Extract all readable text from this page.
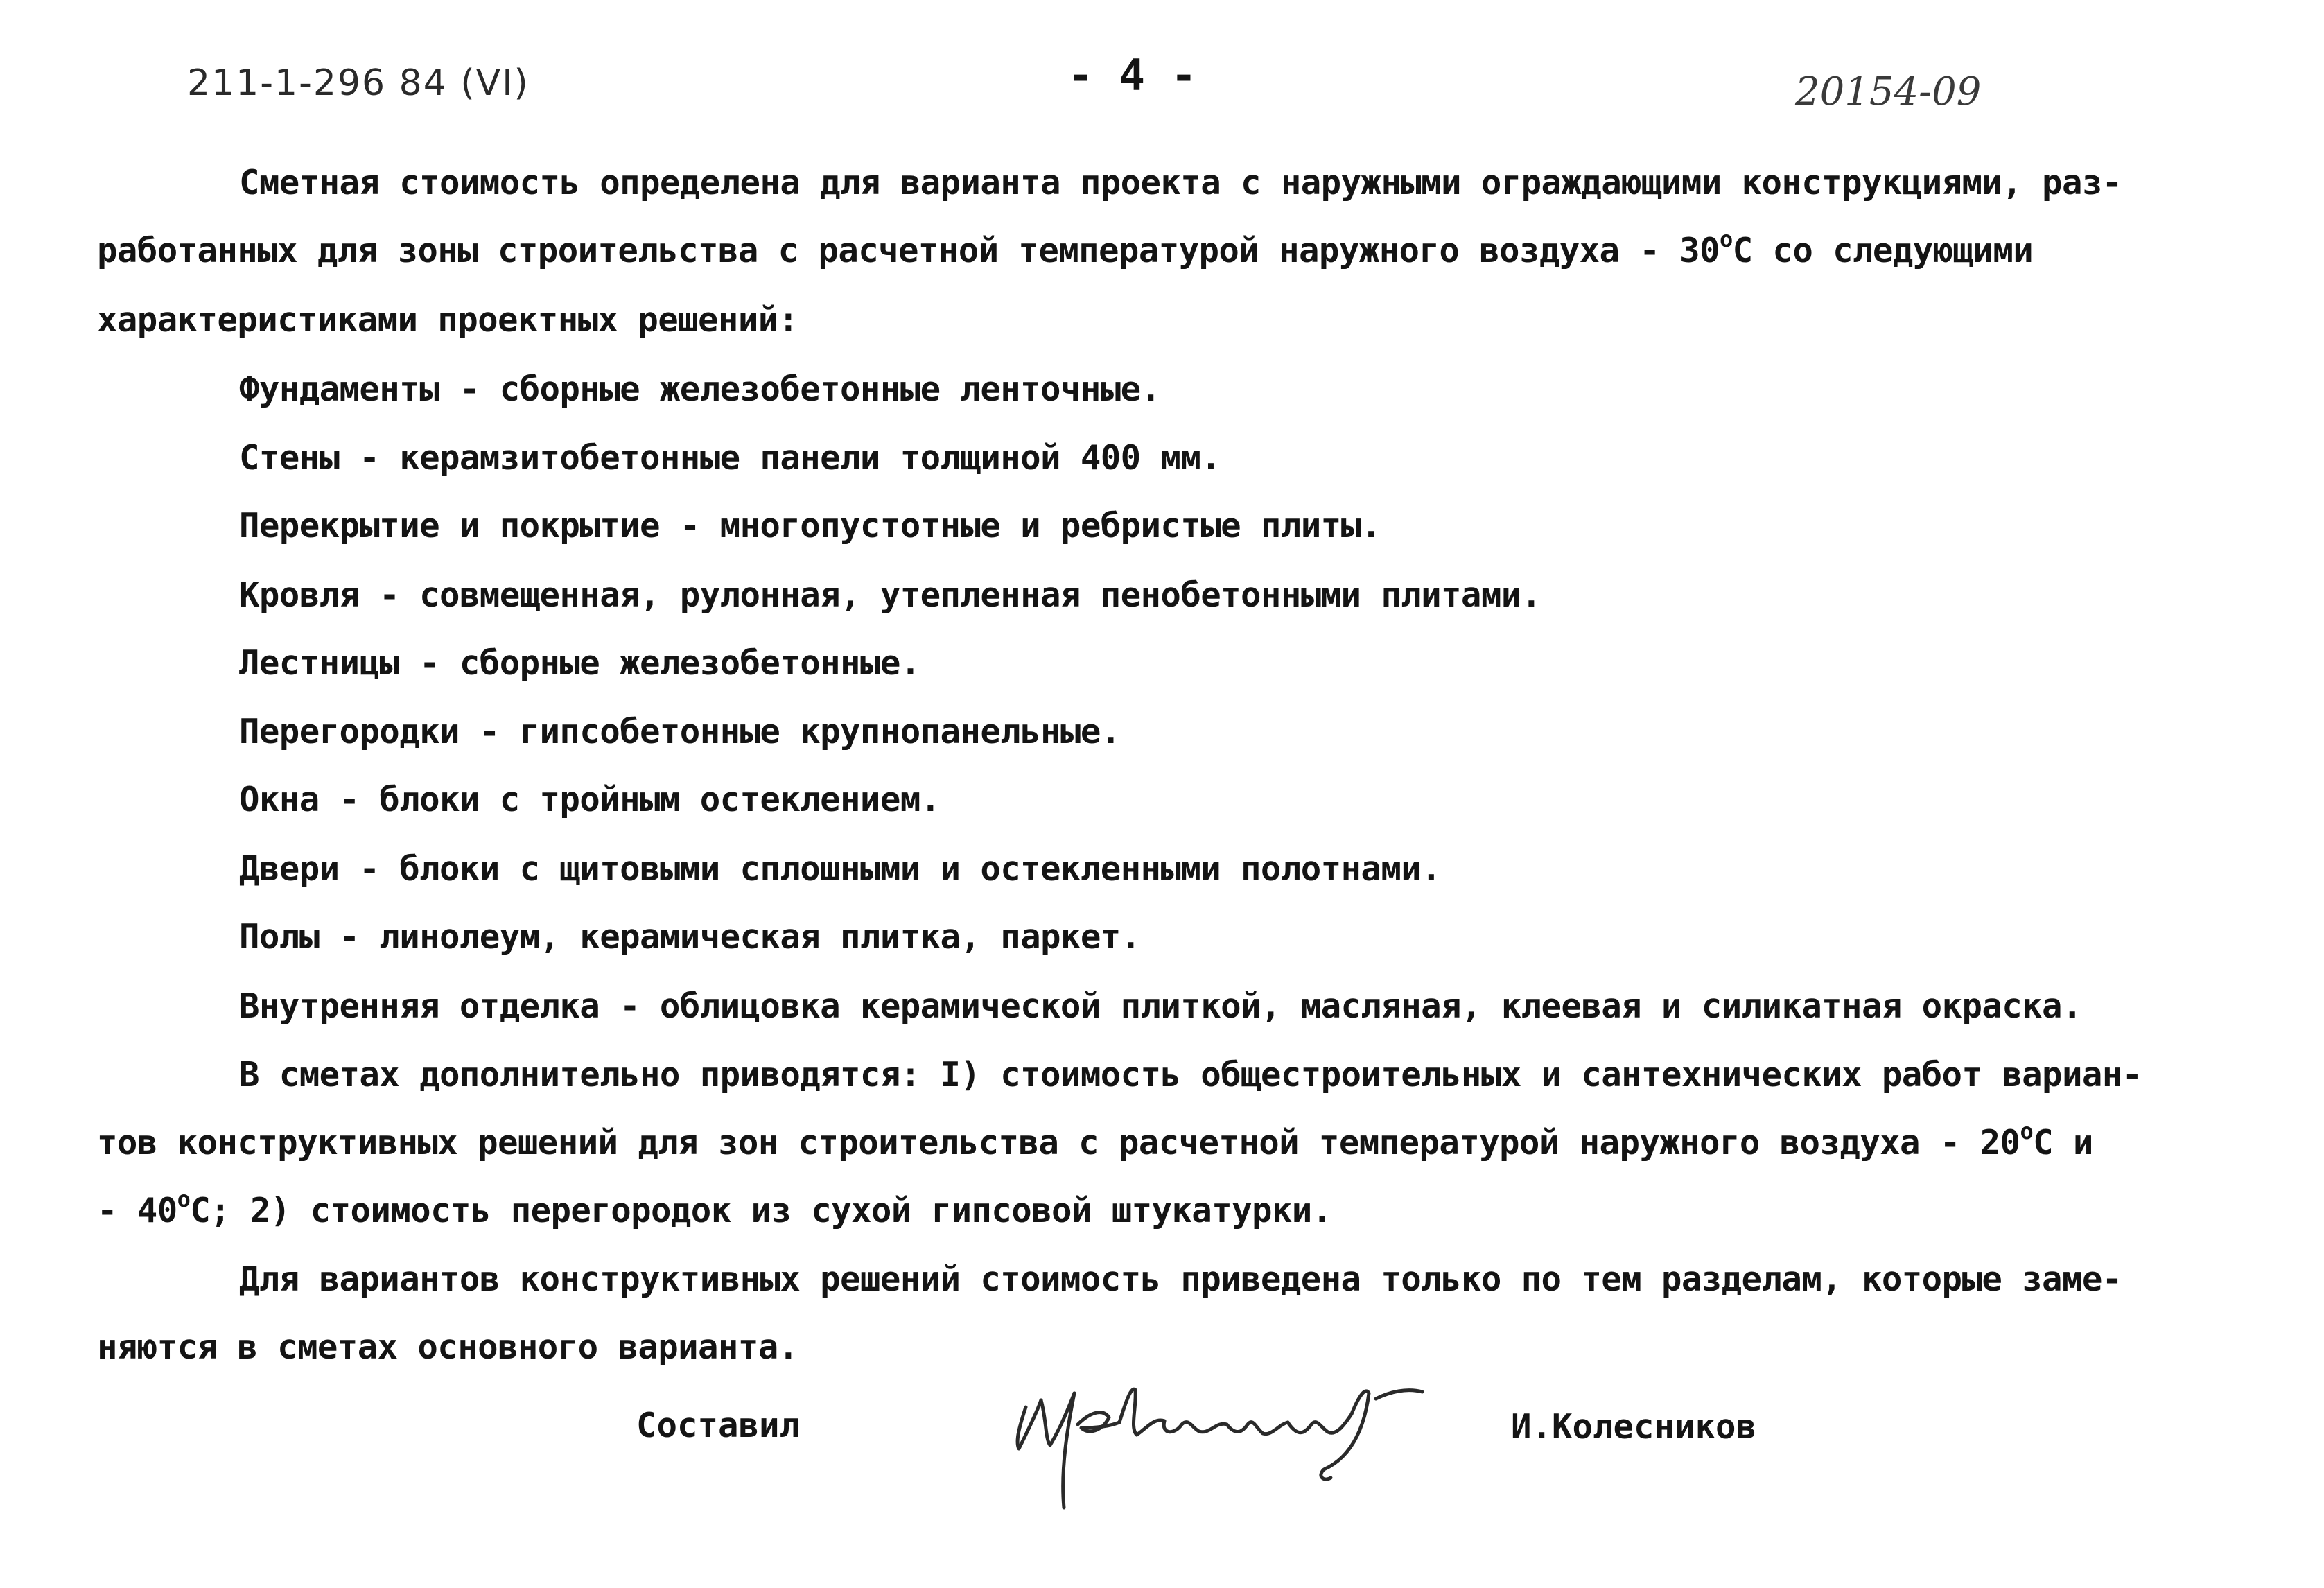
211-1-296 84 (VI)	- 4 -	20154-09
Сметная стоимость определена для варианта проекта с наружными ограждающими конструкциями, раз-
работанных для зоны строительства с расчетной температурой наружного воздуха - 30$^o$С со следующими
характеристиками проектных решений:
Фундаменты - сборные железобетонные ленточные.
Стены - керамзитобетонные панели толщиной 400 мм.
Перекрытие и покрытие - многопустотные и ребристые плиты.
Кровля - совмещенная, рулонная, утепленная пенобетонными плитами.
Лестницы - сборные железобетонные.
Перегородки - гипсобетонные крупнопанельные.
Окна - блоки с тройным остеклением.
Двери - блоки с щитовыми сплошными и остекленными полотнами.
Полы - линолеум, керамическая плитка, паркет.
Внутренняя отделка - облицовка керамической плиткой, масляная, клеевая и силикатная окраска.
В сметах дополнительно приводятся: I) стоимость общестроительных и сантехнических работ вариан-
тов конструктивных решений для зон строительства с расчетной температурой наружного воздуха - 20$^o$С и
- 40$^o$С; 2) стоимость перегородок из сухой гипсовой штукатурки.
Для вариантов конструктивных решений стоимость приведена только по тем разделам, которые заме-
няются в сметах основного варианта.
Составил	И.Колесников
